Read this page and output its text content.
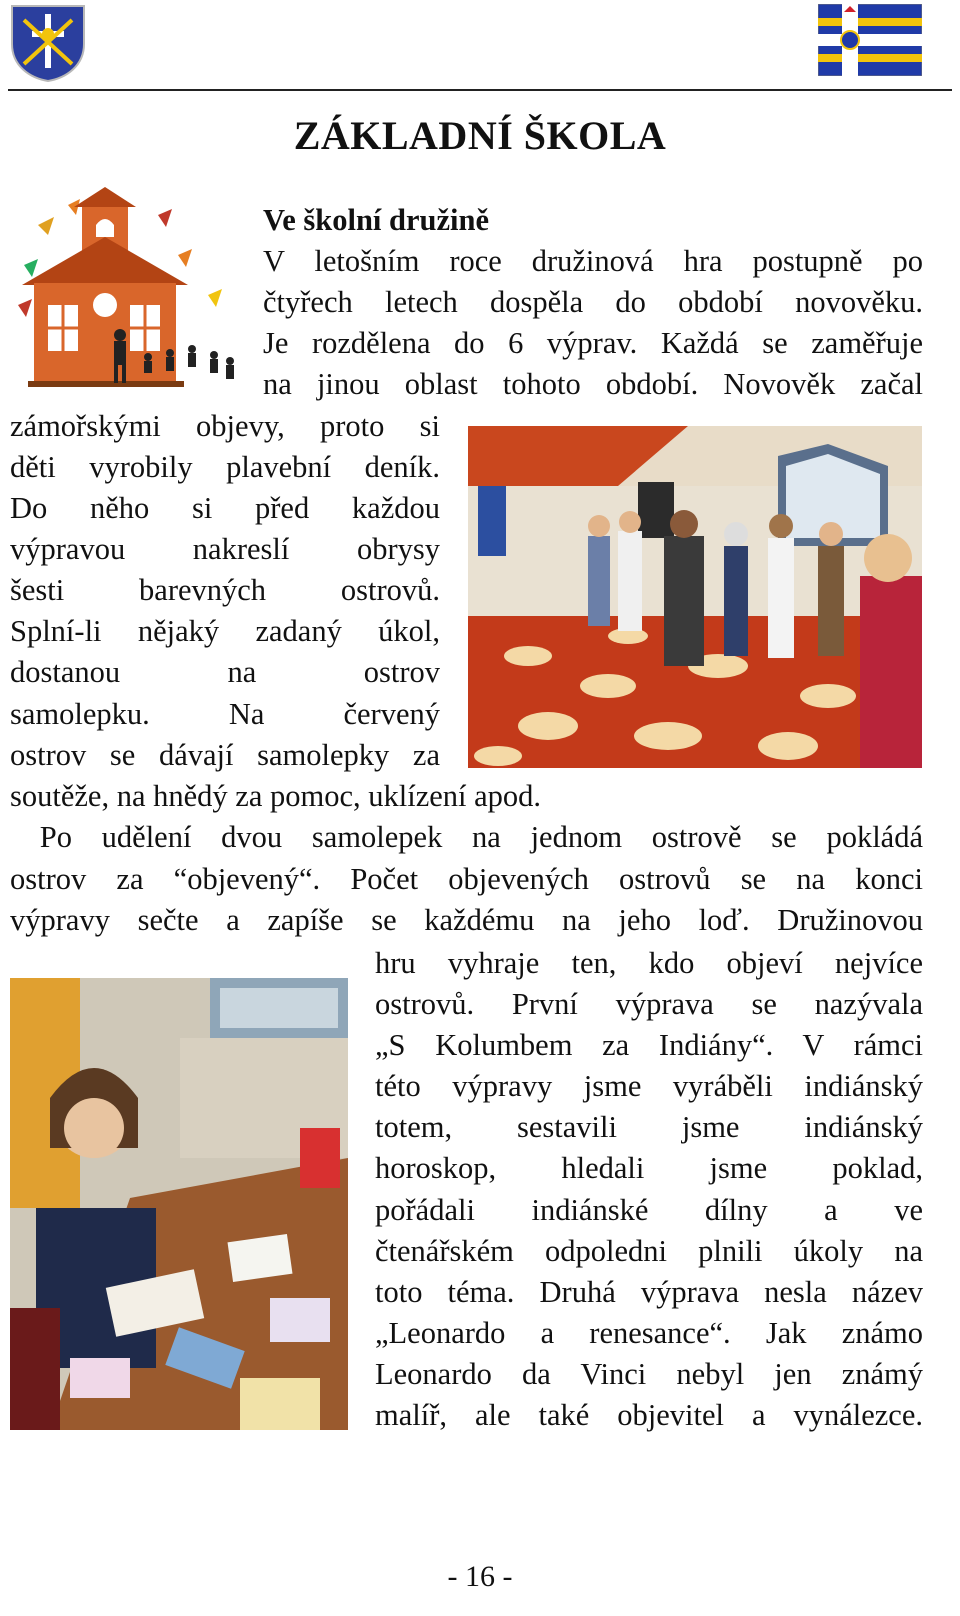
ZÁKLADNÍ ŠKOLA
Ve školní družině
V letošním roce družinová hra postupně po
čtyřech letech dospěla do období novověku.
Je rozdělena do 6 výprav. Každá se zaměřuje
na jinou oblast tohoto období. Novověk začal
zámořskými objevy, proto si
děti vyrobily plavební deník.
Do něho si před každou
výpravou nakreslí obrysy
šesti barevných ostrovů.
Splní-li nějaký zadaný úkol,
dostanou na ostrov
samolepku. Na červený
ostrov se dávají samolepky za
soutěže, na hnědý za pomoc, uklízení apod.
Po udělení dvou samolepek na jednom ostrově se pokládá
ostrov za “objevený“. Počet objevených ostrovů se na konci
výpravy sečte a zapíše se každému na jeho loď. Družinovou
hru vyhraje ten, kdo objeví nejvíce
ostrovů. První výprava se nazývala
„S Kolumbem za Indiány“. V rámci
této výpravy jsme vyráběli indiánský
totem, sestavili jsme indiánský
horoskop, hledali jsme poklad,
pořádali indiánské dílny a ve
čtenářském odpoledni plnili úkoly na
toto téma. Druhá výprava nesla název
„Leonardo a renesance“. Jak známo
Leonardo da Vinci nebyl jen známý
malíř, ale také objevitel a vynálezce.
- 16 -
